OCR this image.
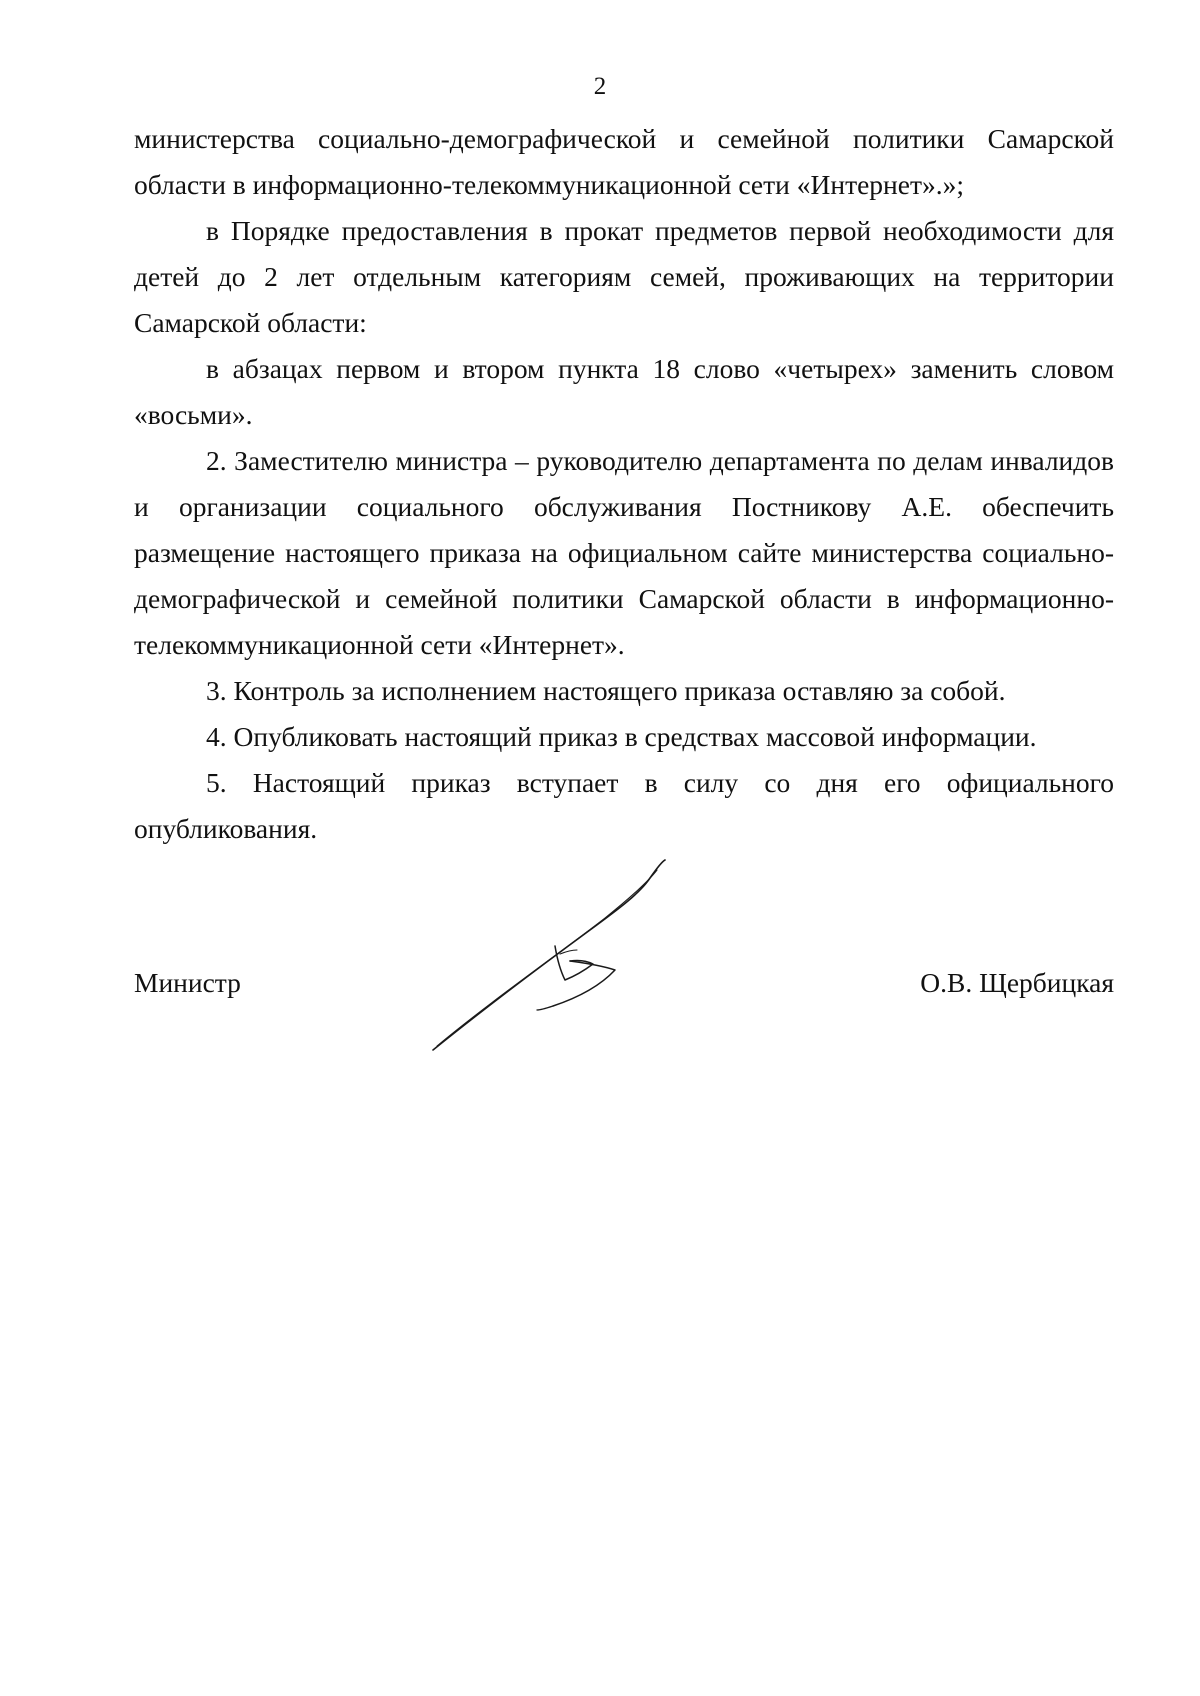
2

министерства социально-демографической и семейной политики Самарской области в информационно-телекоммуникационной сети «Интернет».»;

в Порядке предоставления в прокат предметов первой необходимости для детей до 2 лет отдельным категориям семей, проживающих на территории Самарской области:

в абзацах первом и втором пункта 18 слово «четырех» заменить словом «восьми».

2. Заместителю министра – руководителю департамента по делам инвалидов и организации социального обслуживания Постникову А.Е. обеспечить размещение настоящего приказа на официальном сайте министерства социально-демографической и семейной политики Самарской области в информационно-телекоммуникационной сети «Интернет».

3. Контроль за исполнением настоящего приказа оставляю за собой.

4. Опубликовать настоящий приказ в средствах массовой информации.

5. Настоящий приказ вступает в силу со дня его официального опубликования.

Министр	О.В. Щербицкая
